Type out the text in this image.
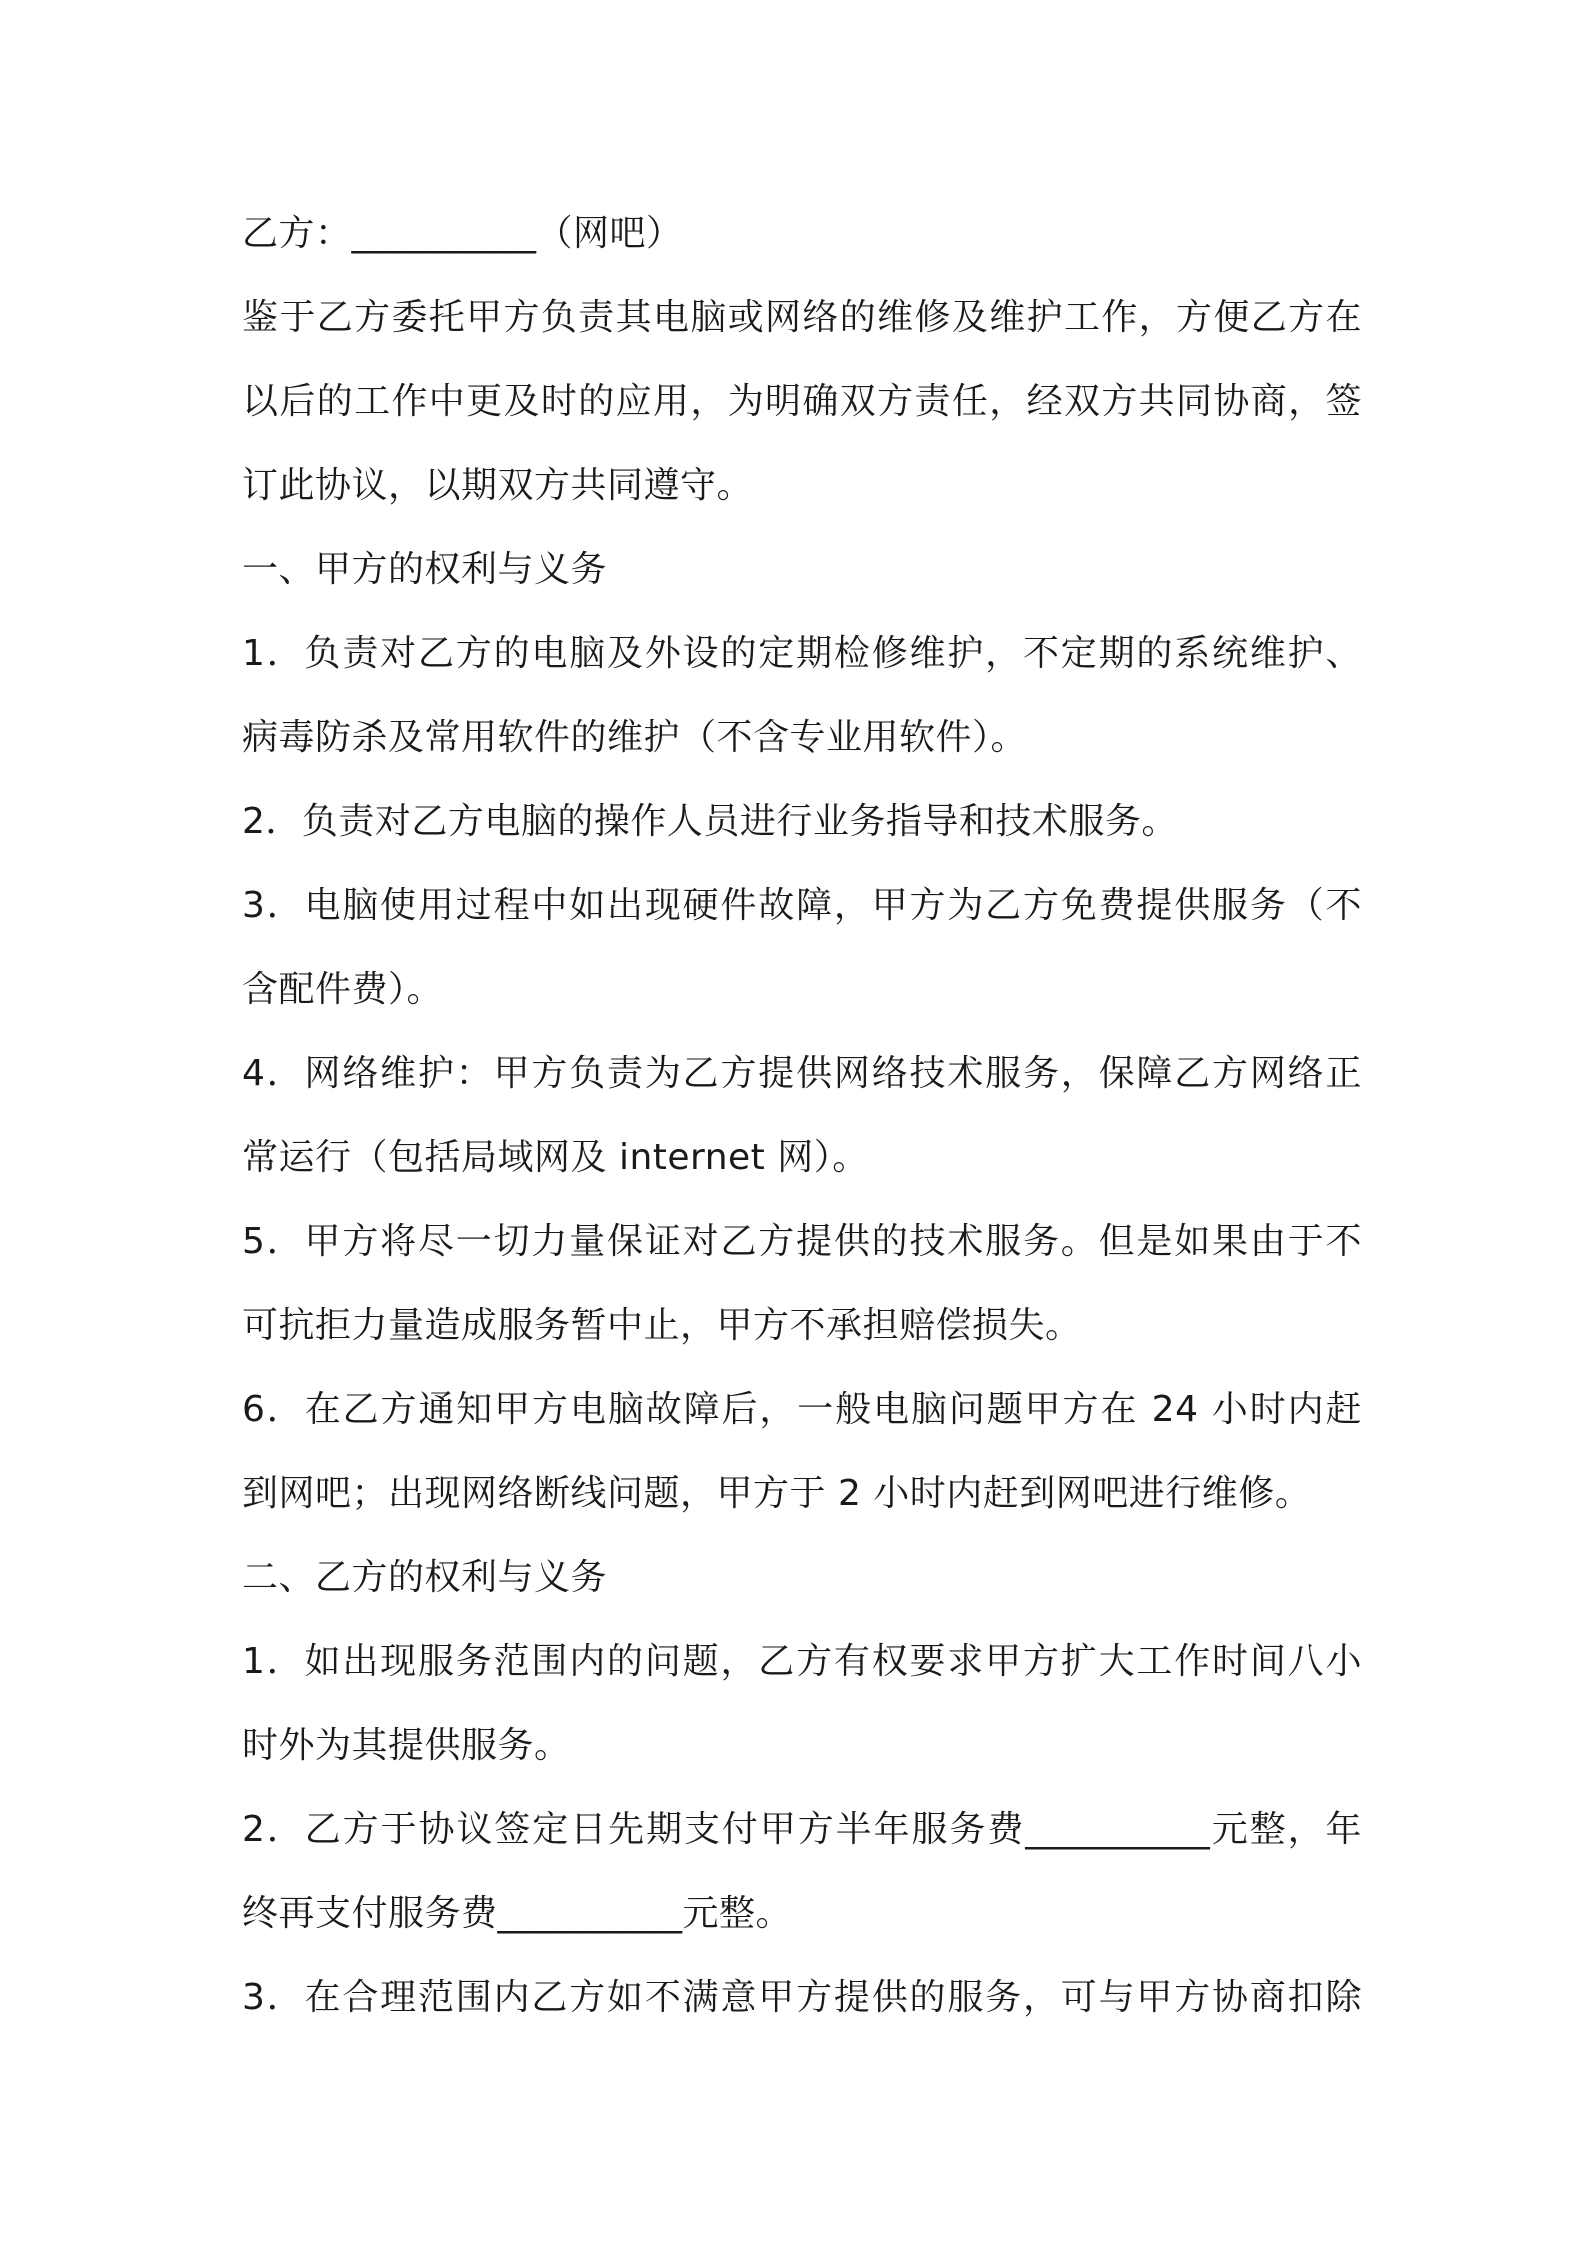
乙方：__________（网吧）
鉴于乙方委托甲方负责其电脑或网络的维修及维护工作，方便乙方在
以后的工作中更及时的应用，为明确双方责任，经双方共同协商，签
订此协议，以期双方共同遵守。
一、甲方的权利与义务
1．负责对乙方的电脑及外设的定期检修维护，不定期的系统维护、
病毒防杀及常用软件的维护（不含专业用软件）。
2．负责对乙方电脑的操作人员进行业务指导和技术服务。
3．电脑使用过程中如出现硬件故障，甲方为乙方免费提供服务（不
含配件费）。
4．网络维护：甲方负责为乙方提供网络技术服务，保障乙方网络正
常运行（包括局域网及 internet 网）。
5．甲方将尽一切力量保证对乙方提供的技术服务。但是如果由于不
可抗拒力量造成服务暂中止，甲方不承担赔偿损失。
6．在乙方通知甲方电脑故障后，一般电脑问题甲方在 24 小时内赶
到网吧；出现网络断线问题，甲方于 2 小时内赶到网吧进行维修。
二、乙方的权利与义务
1．如出现服务范围内的问题，乙方有权要求甲方扩大工作时间八小
时外为其提供服务。
2．乙方于协议签定日先期支付甲方半年服务费__________元整，年
终再支付服务费__________元整。
3．在合理范围内乙方如不满意甲方提供的服务，可与甲方协商扣除
